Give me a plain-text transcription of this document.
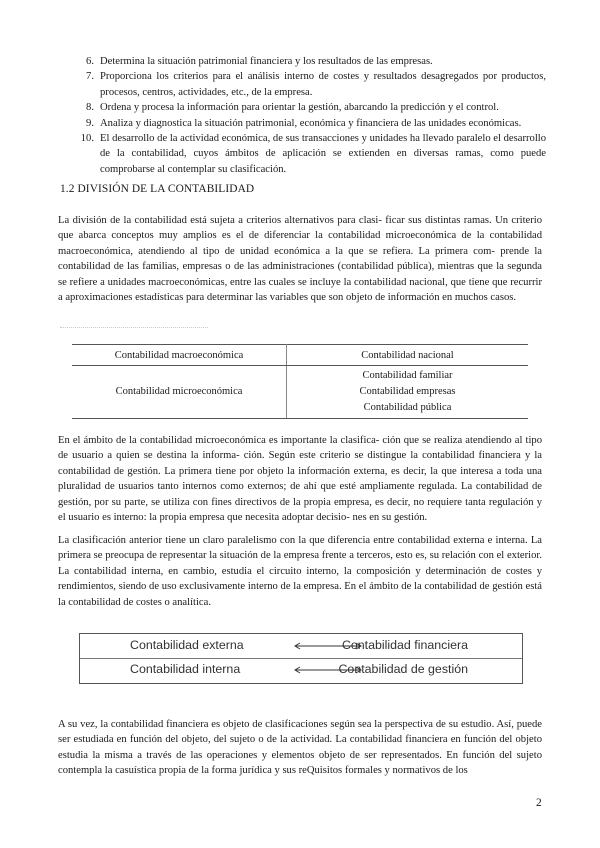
6. Determina la situación patrimonial financiera y los resultados de las empresas.
7. Proporciona los criterios para el análisis interno de costes y resultados desagregados por productos, procesos, centros, actividades, etc., de la empresa.
8. Ordena y procesa la información para orientar la gestión, abarcando la predicción y el control.
9. Analiza y diagnostica la situación patrimonial, económica y financiera de las unidades económicas.
10. El desarrollo de la actividad económica, de sus transacciones y unidades ha llevado paralelo el desarrollo de la contabilidad, cuyos ámbitos de aplicación se extienden en diversas ramas, como puede comprobarse al contemplar su clasificación.
1.2 DIVISIÓN DE LA CONTABILIDAD
La división de la contabilidad está sujeta a criterios alternativos para clasi- ficar sus distintas ramas. Un criterio que abarca conceptos muy amplios es el de diferenciar la contabilidad microeconómica de la contabilidad macroeconómica, atendiendo al tipo de unidad económica a la que se refiera. La primera com- prende la contabilidad de las familias, empresas o de las administraciones (contabilidad pública), mientras que la segunda se refiere a unidades macroeconómicas, entre las cuales se incluye la contabilidad nacional, que tiene que recurrir a aproximaciones estadísticas para determinar las variables que son objeto de información en muchos casos.
Contabilidad macroeconómica	Contabilidad nacional
Contabilidad microeconómica	Contabilidad familiar
Contabilidad empresas
Contabilidad pública
En el ámbito de la contabilidad microeconómica es importante la clasifica- ción que se realiza atendiendo al tipo de usuario a quien se destina la informa- ción. Según este criterio se distingue la contabilidad financiera y la contabilidad de gestión. La primera tiene por objeto la información externa, es decir, la que interesa a toda una pluralidad de usuarios tanto internos como externos; de ahí que esté ampliamente regulada. La contabilidad de gestión, por su parte, se utiliza con fines directivos de la propia empresa, es decir, no requiere tanta regulación y el usuario es interno: la propia empresa que necesita adoptar decisio- nes en su gestión.
La clasificación anterior tiene un claro paralelismo con la que diferencia entre contabilidad externa e interna. La primera se preocupa de representar la situación de la empresa frente a terceros, esto es, su relación con el exterior. La contabilidad interna, en cambio, estudia el circuito interno, la composición y determinación de costes y rendimientos, siendo de uso exclusivamente interno de la empresa. En el ámbito de la contabilidad de gestión está la contabilidad de costes o analítica.
Contabilidad externa	Contabilidad financiera
Contabilidad interna	Contabilidad de gestión
A su vez, la contabilidad financiera es objeto de clasificaciones según sea la perspectiva de su estudio. Así, puede ser estudiada en función del objeto, del sujeto o de la actividad. La contabilidad financiera en función del objeto estudia la misma a través de las operaciones y elementos objeto de ser representados. En función del sujeto contempla la casuística propia de la forma jurídica y sus reQuisitos formales y normativos de los
2
